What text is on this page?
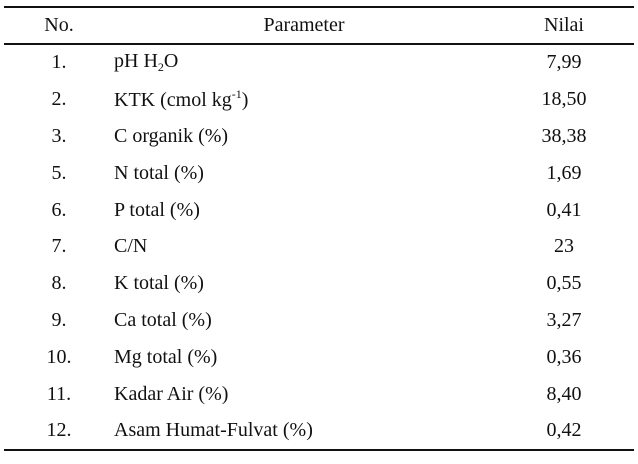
No.	Parameter	Nilai
1.	pH $H_2O$	7,99
2.	KTK (cmol $kg^{-1}$)	18,50
3.	C organik (%)	38,38
5.	N total (%)	1,69
6.	P total (%)	0,41
7.	C/N	23
8.	K total (%)	0,55
9.	Ca total (%)	3,27
10.	Mg total (%)	0,36
11.	Kadar Air (%)	8,40
12.	Asam Humat-Fulvat (%)	0,42
